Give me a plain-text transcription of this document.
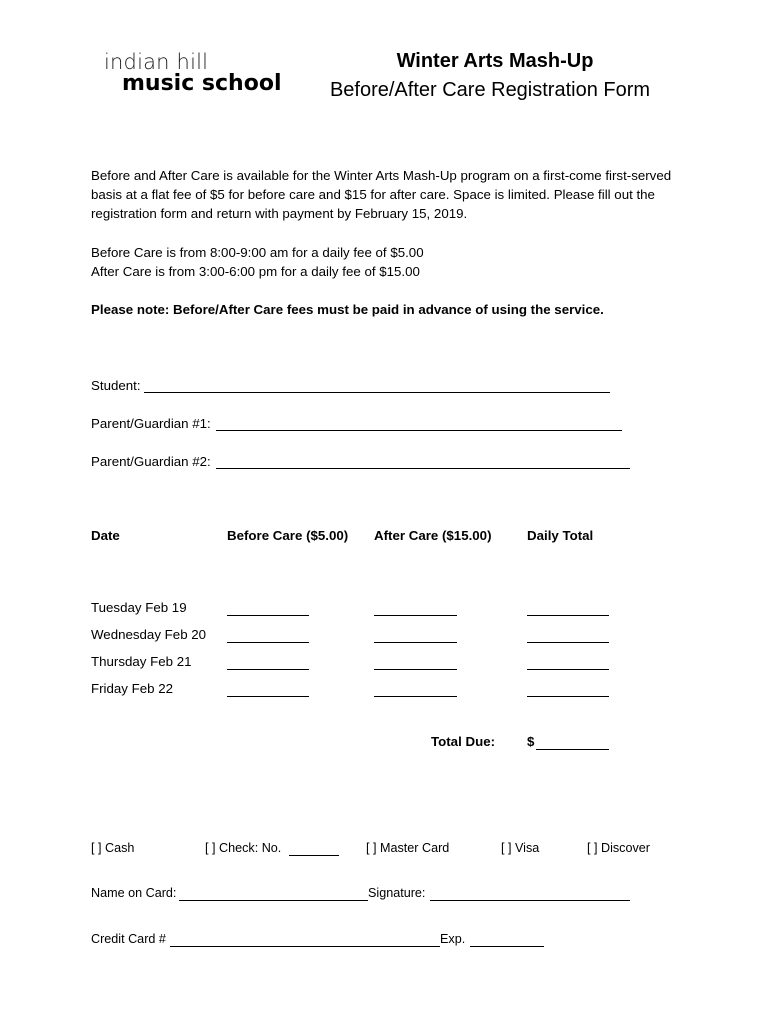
indian hill
music school
Winter Arts Mash-Up
Before/After Care Registration Form
Before and After Care is available for the Winter Arts Mash-Up program on a first-come first-served basis at a flat fee of $5 for before care and $15 for after care. Space is limited. Please fill out the registration form and return with payment by February 15, 2019.
Before Care is from 8:00-9:00 am for a daily fee of $5.00
After Care is from 3:00-6:00 pm for a daily fee of $15.00
Please note: Before/After Care fees must be paid in advance of using the service.
Student:
Parent/Guardian #1:
Parent/Guardian #2:
Date	Before Care ($5.00) After Care ($15.00)	Daily Total
Tuesday Feb 19
Wednesday Feb 20
Thursday Feb 21
Friday Feb 22
Total Due: $
[ ] Cash	[ ] Check: No.	[ ] Master Card	[ ] Visa	[ ] Discover
Name on Card:	Signature:
Credit Card #	Exp.
